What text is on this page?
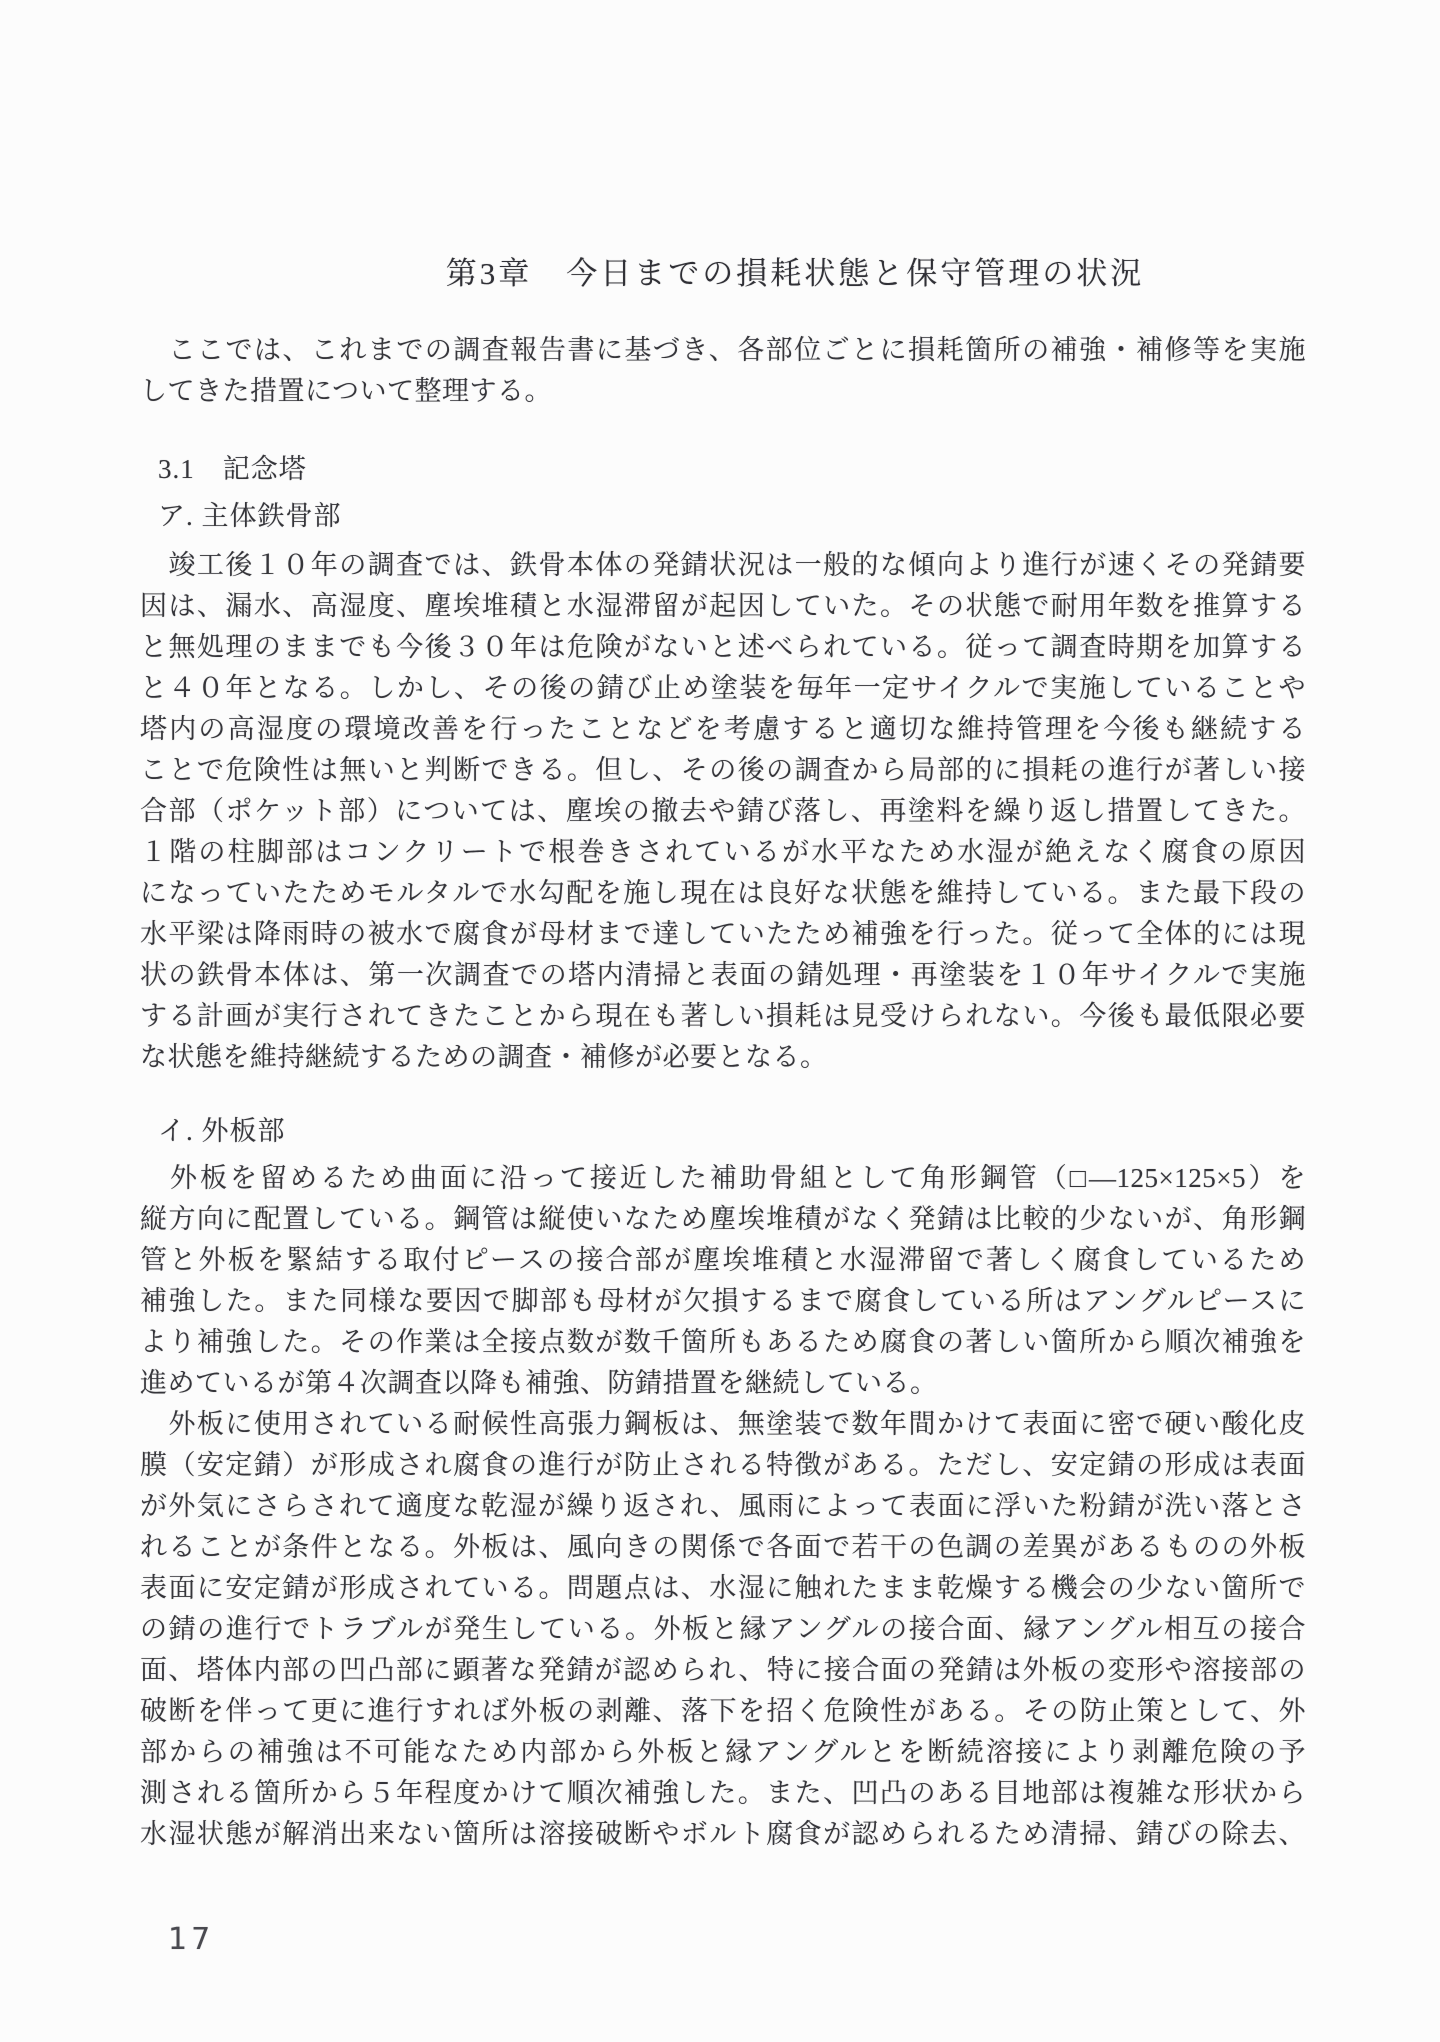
第3章　今日までの損耗状態と保守管理の状況
　ここでは、これまでの調査報告書に基づき、各部位ごとに損耗箇所の補強・補修等を実施
してきた措置について整理する。
3.1　記念塔
ア. 主体鉄骨部
　竣工後１０年の調査では、鉄骨本体の発錆状況は一般的な傾向より進行が速くその発錆要
因は、漏水、高湿度、塵埃堆積と水湿滞留が起因していた。その状態で耐用年数を推算する
と無処理のままでも今後３０年は危険がないと述べられている。従って調査時期を加算する
と４０年となる。しかし、その後の錆び止め塗装を毎年一定サイクルで実施していることや
塔内の高湿度の環境改善を行ったことなどを考慮すると適切な維持管理を今後も継続する
ことで危険性は無いと判断できる。但し、その後の調査から局部的に損耗の進行が著しい接
合部（ポケット部）については、塵埃の撤去や錆び落し、再塗料を繰り返し措置してきた。
１階の柱脚部はコンクリートで根巻きされているが水平なため水湿が絶えなく腐食の原因
になっていたためモルタルで水勾配を施し現在は良好な状態を維持している。また最下段の
水平梁は降雨時の被水で腐食が母材まで達していたため補強を行った。従って全体的には現
状の鉄骨本体は、第一次調査での塔内清掃と表面の錆処理・再塗装を１０年サイクルで実施
する計画が実行されてきたことから現在も著しい損耗は見受けられない。今後も最低限必要
な状態を維持継続するための調査・補修が必要となる。
イ. 外板部
　外板を留めるため曲面に沿って接近した補助骨組として角形鋼管（□―125×125×5）を
縦方向に配置している。鋼管は縦使いなため塵埃堆積がなく発錆は比較的少ないが、角形鋼
管と外板を緊結する取付ピースの接合部が塵埃堆積と水湿滞留で著しく腐食しているため
補強した。また同様な要因で脚部も母材が欠損するまで腐食している所はアングルピースに
より補強した。その作業は全接点数が数千箇所もあるため腐食の著しい箇所から順次補強を
進めているが第４次調査以降も補強、防錆措置を継続している。
　外板に使用されている耐候性高張力鋼板は、無塗装で数年間かけて表面に密で硬い酸化皮
膜（安定錆）が形成され腐食の進行が防止される特徴がある。ただし、安定錆の形成は表面
が外気にさらされて適度な乾湿が繰り返され、風雨によって表面に浮いた粉錆が洗い落とさ
れることが条件となる。外板は、風向きの関係で各面で若干の色調の差異があるものの外板
表面に安定錆が形成されている。問題点は、水湿に触れたまま乾燥する機会の少ない箇所で
の錆の進行でトラブルが発生している。外板と縁アングルの接合面、縁アングル相互の接合
面、塔体内部の凹凸部に顕著な発錆が認められ、特に接合面の発錆は外板の変形や溶接部の
破断を伴って更に進行すれば外板の剥離、落下を招く危険性がある。その防止策として、外
部からの補強は不可能なため内部から外板と縁アングルとを断続溶接により剥離危険の予
測される箇所から５年程度かけて順次補強した。また、凹凸のある目地部は複雑な形状から
水湿状態が解消出来ない箇所は溶接破断やボルト腐食が認められるため清掃、錆びの除去、
17
